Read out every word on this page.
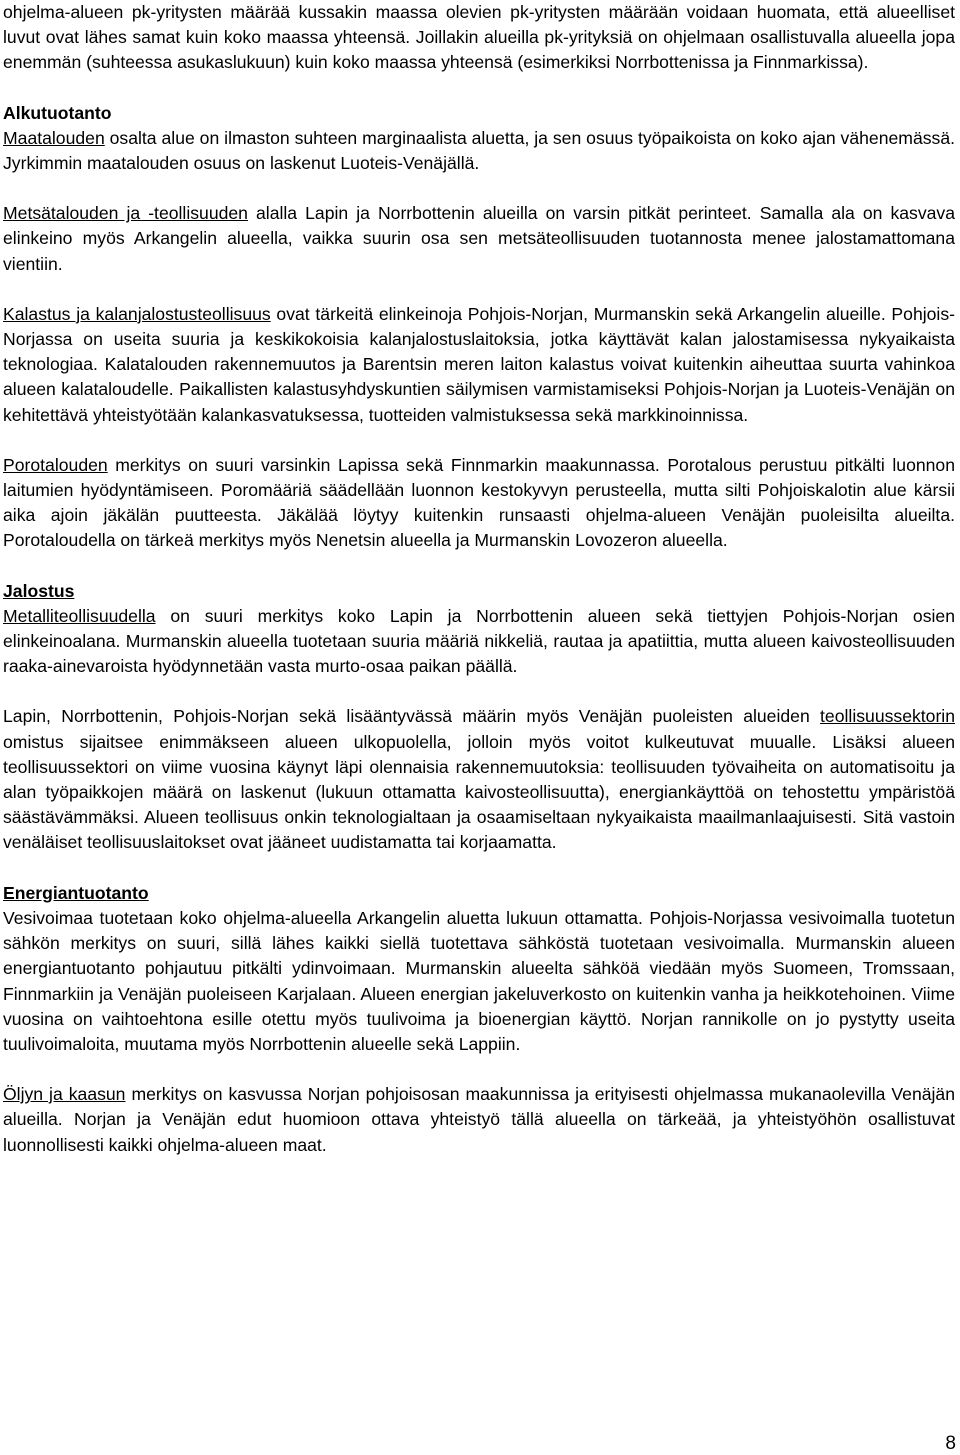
ohjelma-alueen pk-yritysten määrää kussakin maassa olevien pk-yritysten määrään voidaan huomata, että alueelliset luvut ovat lähes samat kuin koko maassa yhteensä. Joillakin alueilla pk-yrityksiä on ohjelmaan osallistuvalla alueella jopa enemmän (suhteessa asukaslukuun) kuin koko maassa yhteensä (esimerkiksi Norrbottenissa ja Finnmarkissa).

Alkutuotanto

Maatalouden osalta alue on ilmaston suhteen marginaalista aluetta, ja sen osuus työpaikoista on koko ajan vähenemässä. Jyrkimmin maatalouden osuus on laskenut Luoteis-Venäjällä.

Metsätalouden ja -teollisuuden alalla Lapin ja Norrbottenin alueilla on varsin pitkät perinteet. Samalla ala on kasvava elinkeino myös Arkangelin alueella, vaikka suurin osa sen metsäteollisuuden tuotannosta menee jalostamattomana vientiin.

Kalastus ja kalanjalostusteollisuus ovat tärkeitä elinkeinoja Pohjois-Norjan, Murmanskin sekä Arkangelin alueille. Pohjois-Norjassa on useita suuria ja keskikokoisia kalanjalostuslaitoksia, jotka käyttävät kalan jalostamisessa nykyaikaista teknologiaa. Kalatalouden rakennemuutos ja Barentsin meren laiton kalastus voivat kuitenkin aiheuttaa suurta vahinkoa alueen kalataloudelle. Paikallisten kalastusyhdyskuntien säilymisen varmistamiseksi Pohjois-Norjan ja Luoteis-Venäjän on kehitettävä yhteistyötään kalankasvatuksessa, tuotteiden valmistuksessa sekä markkinoinnissa.

Porotalouden merkitys on suuri varsinkin Lapissa sekä Finnmarkin maakunnassa. Porotalous perustuu pitkälti luonnon laitumien hyödyntämiseen. Poromääriä säädellään luonnon kestokyvyn perusteella, mutta silti Pohjoiskalotin alue kärsii aika ajoin jäkälän puutteesta. Jäkälää löytyy kuitenkin runsaasti ohjelma-alueen Venäjän puoleisilta alueilta. Porotaloudella on tärkeä merkitys myös Nenetsin alueella ja Murmanskin Lovozeron alueella.

Jalostus

Metalliteollisuudella on suuri merkitys koko Lapin ja Norrbottenin alueen sekä tiettyjen Pohjois-Norjan osien elinkeinoalana. Murmanskin alueella tuotetaan suuria määriä nikkeliä, rautaa ja apatiittia, mutta alueen kaivosteollisuuden raaka-ainevaroista hyödynnetään vasta murto-osaa paikan päällä.

Lapin, Norrbottenin, Pohjois-Norjan sekä lisääntyvässä määrin myös Venäjän puoleisten alueiden teollisuussektorin omistus sijaitsee enimmäkseen alueen ulkopuolella, jolloin myös voitot kulkeutuvat muualle. Lisäksi alueen teollisuussektori on viime vuosina käynyt läpi olennaisia rakennemuutoksia: teollisuuden työvaiheita on automatisoitu ja alan työpaikkojen määrä on laskenut (lukuun ottamatta kaivosteollisuutta), energiankäyttöä on tehostettu ympäristöä säästävämmäksi. Alueen teollisuus onkin teknologialtaan ja osaamiseltaan nykyaikaista maailmanlaajuisesti. Sitä vastoin venäläiset teollisuuslaitokset ovat jääneet uudistamatta tai korjaamatta.

Energiantuotanto

Vesivoimaa tuotetaan koko ohjelma-alueella Arkangelin aluetta lukuun ottamatta. Pohjois-Norjassa vesivoimalla tuotetun sähkön merkitys on suuri, sillä lähes kaikki siellä tuotettava sähköstä tuotetaan vesivoimalla. Murmanskin alueen energiantuotanto pohjautuu pitkälti ydinvoimaan. Murmanskin alueelta sähköä viedään myös Suomeen, Tromssaan, Finnmarkiin ja Venäjän puoleiseen Karjalaan. Alueen energian jakeluverkosto on kuitenkin vanha ja heikkotehoinen. Viime vuosina on vaihtoehtona esille otettu myös tuulivoima ja bioenergian käyttö. Norjan rannikolle on jo pystytty useita tuulivoimaloita, muutama myös Norrbottenin alueelle sekä Lappiin.

Öljyn ja kaasun merkitys on kasvussa Norjan pohjoisosan maakunnissa ja erityisesti ohjelmassa mukanaolevilla Venäjän alueilla. Norjan ja Venäjän edut huomioon ottava yhteistyö tällä alueella on tärkeää, ja yhteistyöhön osallistuvat luonnollisesti kaikki ohjelma-alueen maat.

8
